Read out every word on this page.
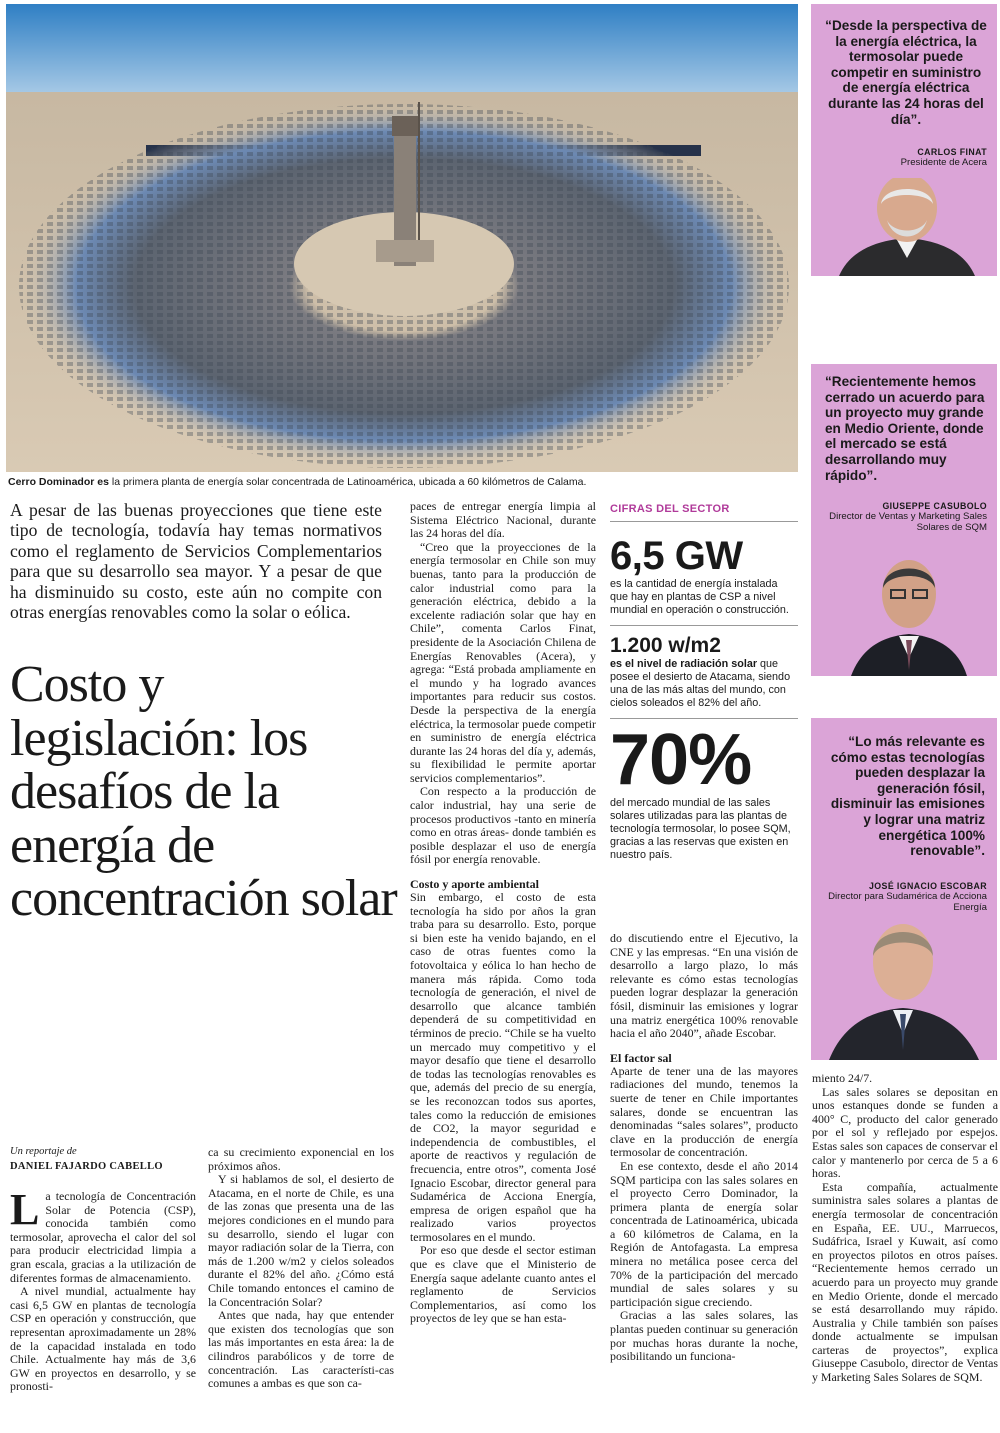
Cerro Dominador es la primera planta de energía solar concentrada de Latinoamérica, ubicada a 60 kilómetros de Calama.

A pesar de las buenas proyecciones que tiene este tipo de tecnología, todavía hay temas normativos como el reglamento de Servicios Complementarios para que su desarrollo sea mayor. Y a pesar de que ha disminuido su costo, este aún no compite con otras energías renovables como la solar o eólica.

Costo y legislación: los desafíos de la energía de concentración solar
Un reportaje de
DANIEL FAJARDO CABELLO

La tecnología de Concentración Solar de Potencia (CSP), conocida también como termosolar, aprovecha el calor del sol para producir electricidad limpia a gran escala, gracias a la utilización de diferentes formas de almacenamiento.

A nivel mundial, actualmente hay casi 6,5 GW en plantas de tecnología CSP en operación y construcción, que representan aproximadamente un 28% de la capacidad instalada en todo Chile. Actualmente hay más de 3,6 GW en proyectos en desarrollo, y se pronosti-

ca su crecimiento exponencial en los próximos años.

Y si hablamos de sol, el desierto de Atacama, en el norte de Chile, es una de las zonas que presenta una de las mejores condiciones en el mundo para su desarrollo, siendo el lugar con mayor radiación solar de la Tierra, con más de 1.200 w/m2 y cielos soleados durante el 82% del año. ¿Cómo está Chile tomando entonces el camino de la Concentración Solar?

Antes que nada, hay que entender que existen dos tecnologías que son las más importantes en esta área: la de cilindros parabólicos y de torre de concentración. Las característi-cas comunes a ambas es que son ca-

paces de entregar energía limpia al Sistema Eléctrico Nacional, durante las 24 horas del día.

“Creo que la proyecciones de la energía termosolar en Chile son muy buenas, tanto para la producción de calor industrial como para la generación eléctrica, debido a la excelente radiación solar que hay en Chile”, comenta Carlos Finat, presidente de la Asociación Chilena de Energías Renovables (Acera), y agrega: “Está probada ampliamente en el mundo y ha logrado avances importantes para reducir sus costos. Desde la perspectiva de la energía eléctrica, la termosolar puede competir en suministro de energía eléctrica durante las 24 horas del día y, además, su flexibilidad le permite aportar servicios complementarios”.

Con respecto a la producción de calor industrial, hay una serie de procesos productivos -tanto en minería como en otras áreas- donde también es posible desplazar el uso de energía fósil por energía renovable.

Costo y aporte ambiental

Sin embargo, el costo de esta tecnología ha sido por años la gran traba para su desarrollo. Esto, porque si bien este ha venido bajando, en el caso de otras fuentes como la fotovoltaica y eólica lo han hecho de manera más rápida. Como toda tecnología de generación, el nivel de desarrollo que alcance también dependerá de su competitividad en términos de precio. “Chile se ha vuelto un mercado muy competitivo y el mayor desafío que tiene el desarrollo de todas las tecnologías renovables es que, además del precio de su energía, se les reconozcan todos sus aportes, tales como la reducción de emisiones de CO2, la mayor seguridad e independencia de combustibles, el aporte de reactivos y regulación de frecuencia, entre otros”, comenta José Ignacio Escobar, director general para Sudamérica de Acciona Energía, empresa de origen español que ha realizado varios proyectos termosolares en el mundo.

Por eso que desde el sector estiman que es clave que el Ministerio de Energía saque adelante cuanto antes el reglamento de Servicios Complementarios, así como los proyectos de ley que se han esta-

do discutiendo entre el Ejecutivo, la CNE y las empresas. “En una visión de desarrollo a largo plazo, lo más relevante es cómo estas tecnologías pueden lograr desplazar la generación fósil, disminuir las emisiones y lograr una matriz energética 100% renovable hacia el año 2040”, añade Escobar.

El factor sal

Aparte de tener una de las mayores radiaciones del mundo, tenemos la suerte de tener en Chile importantes salares, donde se encuentran las denominadas “sales solares”, producto clave en la producción de energía termosolar de concentración.

En ese contexto, desde el año 2014 SQM participa con las sales solares en el proyecto Cerro Dominador, la primera planta de energía solar concentrada de Latinoamérica, ubicada a 60 kilómetros de Calama, en la Región de Antofagasta. La empresa minera no metálica posee cerca del 70% de la participación del mercado mundial de sales solares y su participación sigue creciendo.

Gracias a las sales solares, las plantas pueden continuar su generación por muchas horas durante la noche, posibilitando un funciona-

miento 24/7.

Las sales solares se depositan en unos estanques donde se funden a 400° C, producto del calor generado por el sol y reflejado por espejos. Estas sales son capaces de conservar el calor y mantenerlo por cerca de 5 a 6 horas.

Esta compañía, actualmente suministra sales solares a plantas de energía termosolar de concentración en España, EE. UU., Marruecos, Sudáfrica, Israel y Kuwait, así como en proyectos pilotos en otros países. “Recientemente hemos cerrado un acuerdo para un proyecto muy grande en Medio Oriente, donde el mercado se está desarrollando muy rápido. Australia y Chile también son países donde actualmente se impulsan carteras de proyectos”, explica Giuseppe Casubolo, director de Ventas y Marketing Sales Solares de SQM.

CIFRAS DEL SECTOR
6,5 GW

es la cantidad de energía instalada que hay en plantas de CSP a nivel mundial en operación o construcción.

1.200 w/m2

es el nivel de radiación solar que posee el desierto de Atacama, siendo una de las más altas del mundo, con cielos soleados el 82% del año.

70%

del mercado mundial de las sales solares utilizadas para las plantas de tecnología termosolar, lo posee SQM, gracias a las reservas que existen en nuestro país.

“Desde la perspectiva de la energía eléctrica, la termosolar puede competir en suministro de energía eléctrica durante las 24 horas del día”.

CARLOS FINAT

Presidente de Acera

“Recientemente hemos cerrado un acuerdo para un proyecto muy grande en Medio Oriente, donde el mercado se está desarrollando muy rápido”.

GIUSEPPE CASUBOLO

Director de Ventas y Marketing Sales Solares de SQM

“Lo más relevante es cómo estas tecnologías pueden desplazar la generación fósil, disminuir las emisiones y lograr una matriz energética 100% renovable”.

JOSÉ IGNACIO ESCOBAR

Director para Sudamérica de Acciona Energía
